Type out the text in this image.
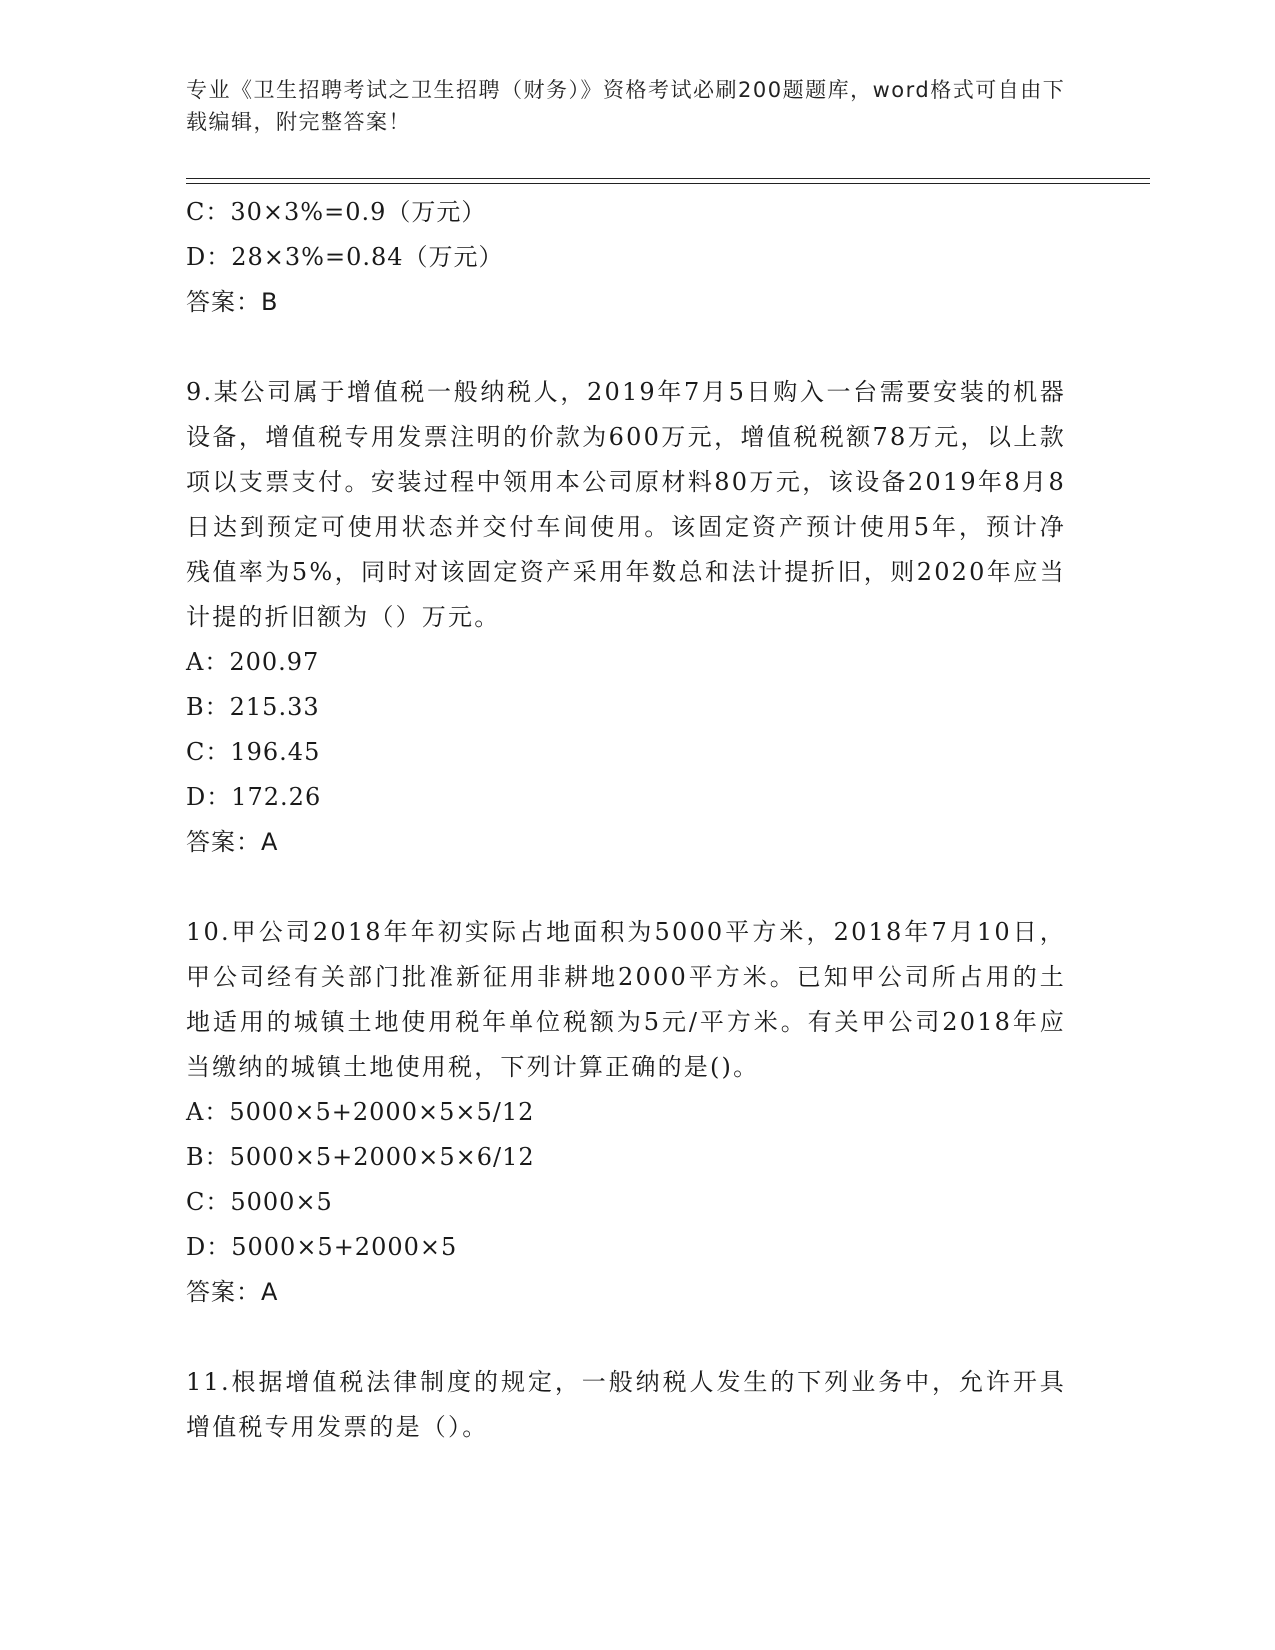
专业《卫生招聘考试之卫生招聘（财务）》资格考试必刷200题题库，word格式可自由下载编辑，附完整答案！
C：30×3%=0.9（万元）
D：28×3%=0.84（万元）
答案：B
9.某公司属于增值税一般纳税人，2019年7月5日购入一台需要安装的机器设备，增值税专用发票注明的价款为600万元，增值税税额78万元，以上款项以支票支付。安装过程中领用本公司原材料80万元，该设备2019年8月8日达到预定可使用状态并交付车间使用。该固定资产预计使用5年，预计净残值率为5%，同时对该固定资产采用年数总和法计提折旧，则2020年应当计提的折旧额为（）万元。
A：200.97
B：215.33
C：196.45
D：172.26
答案：A
10.甲公司2018年年初实际占地面积为5000平方米，2018年7月10日，甲公司经有关部门批准新征用非耕地2000平方米。已知甲公司所占用的土地适用的城镇土地使用税年单位税额为5元/平方米。有关甲公司2018年应当缴纳的城镇土地使用税，下列计算正确的是()。
A：5000×5+2000×5×5/12
B：5000×5+2000×5×6/12
C：5000×5
D：5000×5+2000×5
答案：A
11.根据增值税法律制度的规定，一般纳税人发生的下列业务中，允许开具增值税专用发票的是（）。
